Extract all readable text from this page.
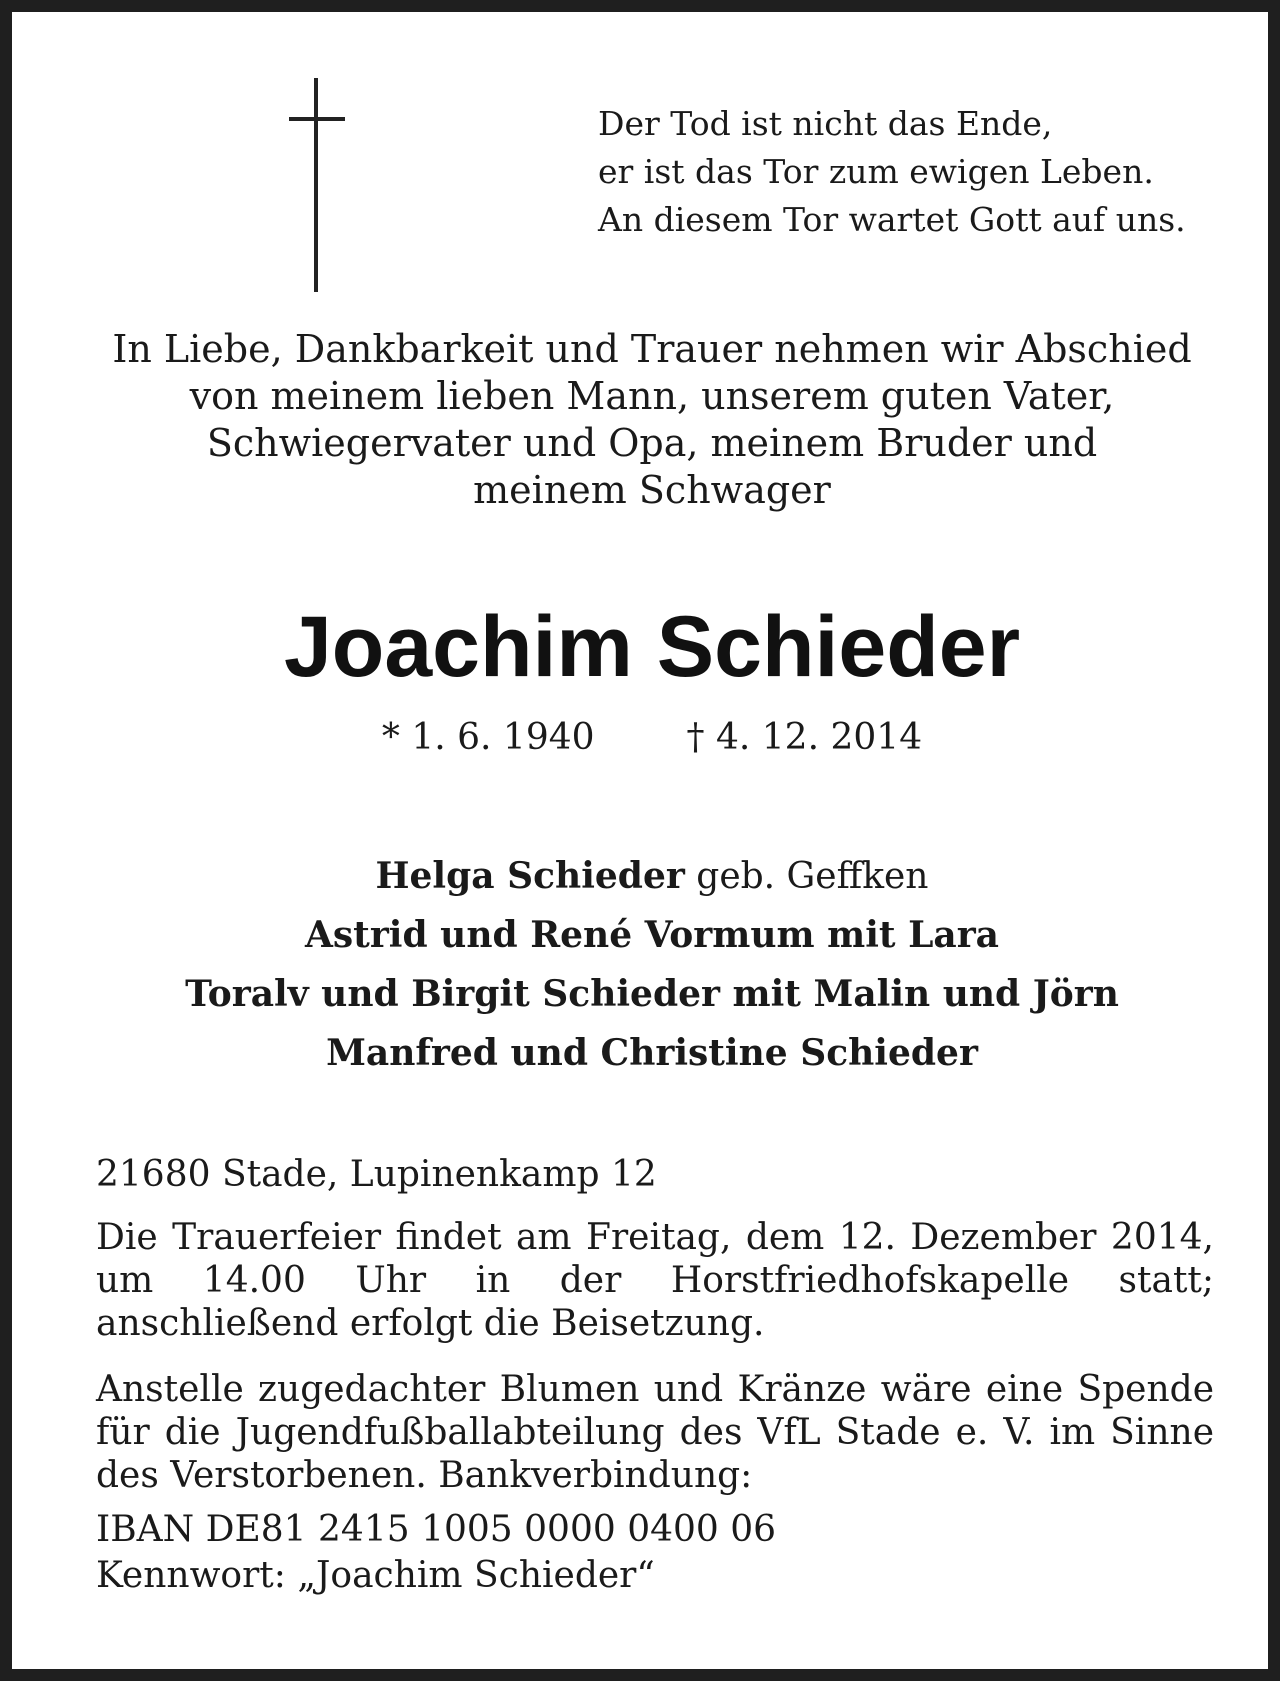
Der Tod ist nicht das Ende,
er ist das Tor zum ewigen Leben.
An diesem Tor wartet Gott auf uns.
In Liebe, Dankbarkeit und Trauer nehmen wir Abschied
von meinem lieben Mann, unserem guten Vater,
Schwiegervater und Opa, meinem Bruder und
meinem Schwager
Joachim Schieder
* 1. 6. 1940	† 4. 12. 2014
Helga Schieder geb. Geffken
Astrid und René Vormum mit Lara
Toralv und Birgit Schieder mit Malin und Jörn
Manfred und Christine Schieder
21680 Stade, Lupinenkamp 12
Die Trauerfeier findet am Freitag, dem 12. Dezember 2014, um 14.00 Uhr in der Horstfriedhofskapelle statt; anschließend erfolgt die Beisetzung.
Anstelle zugedachter Blumen und Kränze wäre eine Spende für die Jugendfußballabteilung des VfL Stade e. V. im Sinne des Verstorbenen. Bankverbindung:
IBAN DE81 2415 1005 0000 0400 06
Kennwort: „Joachim Schieder“
